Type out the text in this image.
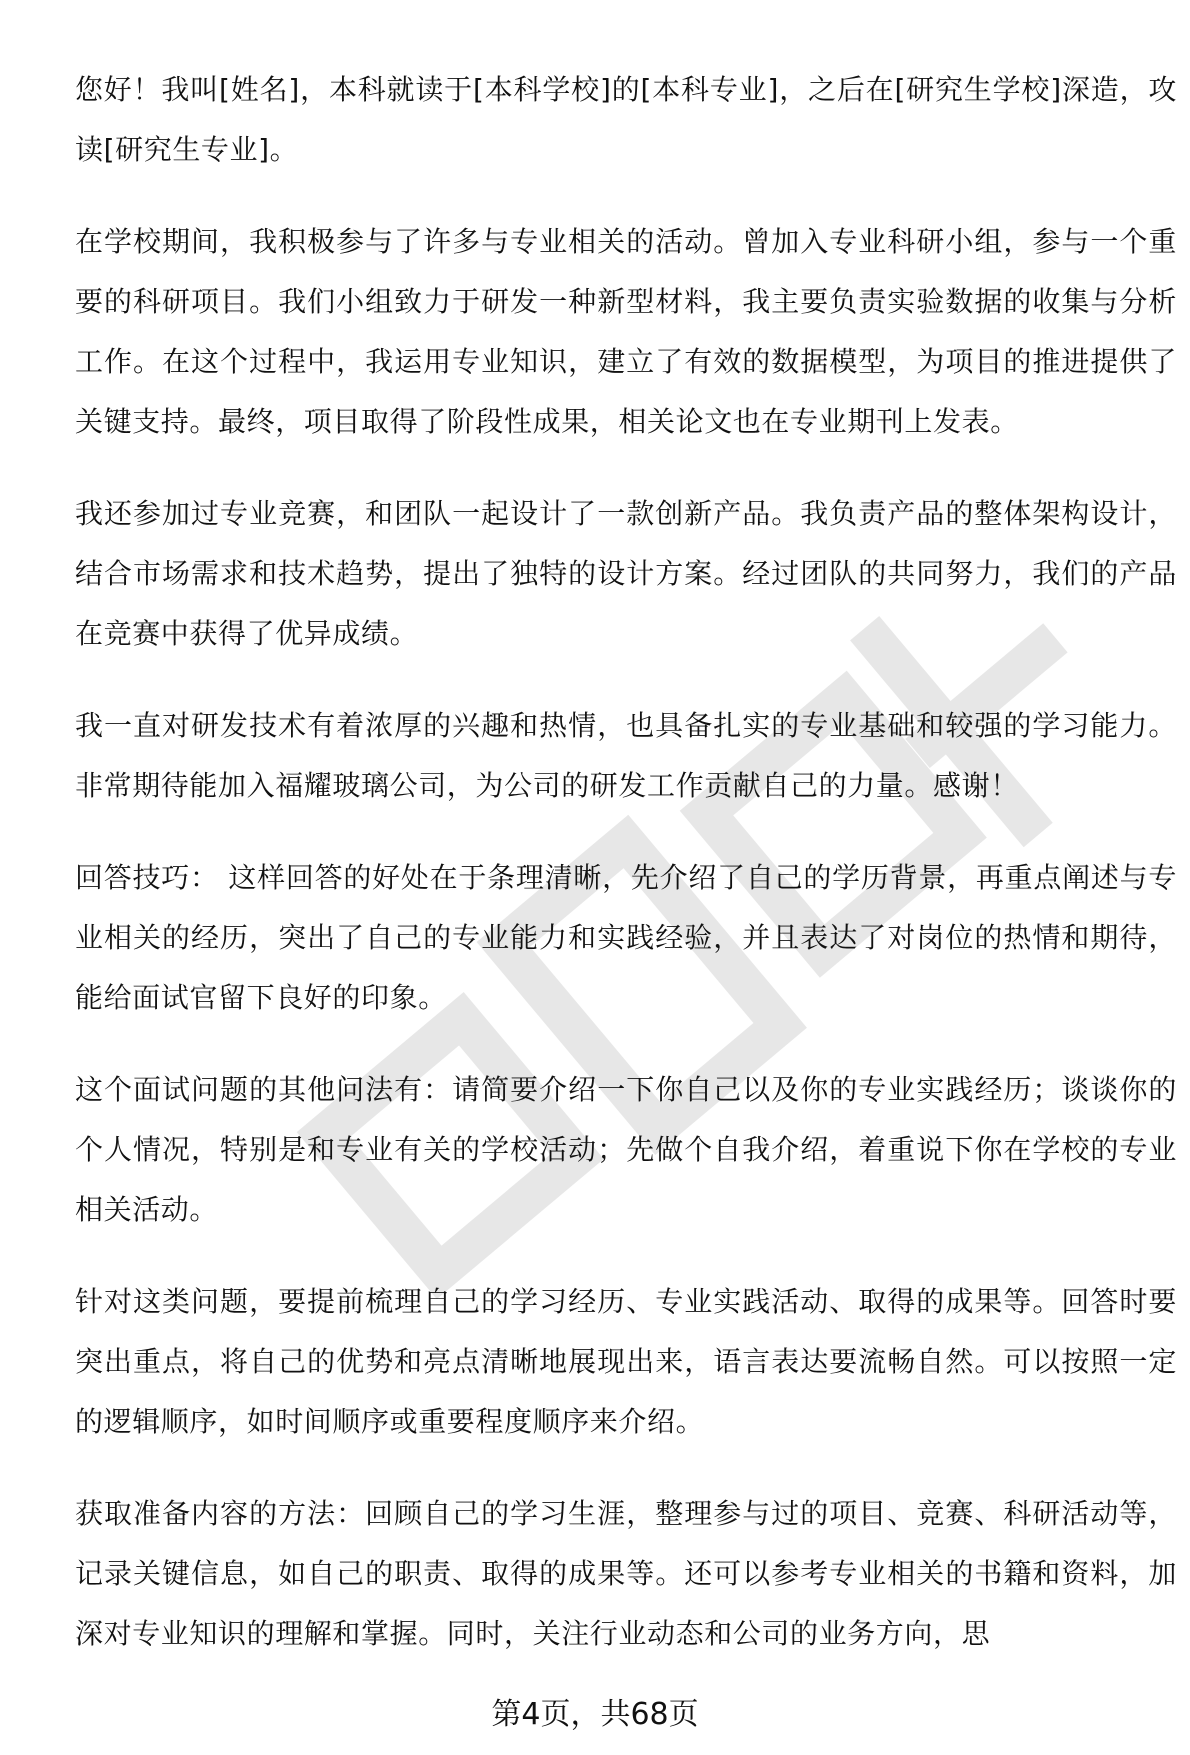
您好！我叫[姓名]，本科就读于[本科学校]的[本科专业]，之后在[研究生学校]深造，攻读[研究生专业]。

在学校期间，我积极参与了许多与专业相关的活动。曾加入专业科研小组，参与一个重要的科研项目。我们小组致力于研发一种新型材料，我主要负责实验数据的收集与分析工作。在这个过程中，我运用专业知识，建立了有效的数据模型，为项目的推进提供了关键支持。最终，项目取得了阶段性成果，相关论文也在专业期刊上发表。

我还参加过专业竞赛，和团队一起设计了一款创新产品。我负责产品的整体架构设计，结合市场需求和技术趋势，提出了独特的设计方案。经过团队的共同努力，我们的产品在竞赛中获得了优异成绩。

我一直对研发技术有着浓厚的兴趣和热情，也具备扎实的专业基础和较强的学习能力。非常期待能加入福耀玻璃公司，为公司的研发工作贡献自己的力量。感谢！

回答技巧： 这样回答的好处在于条理清晰，先介绍了自己的学历背景，再重点阐述与专业相关的经历，突出了自己的专业能力和实践经验，并且表达了对岗位的热情和期待，能给面试官留下良好的印象。

这个面试问题的其他问法有：请简要介绍一下你自己以及你的专业实践经历；谈谈你的个人情况，特别是和专业有关的学校活动；先做个自我介绍，着重说下你在学校的专业相关活动。

针对这类问题，要提前梳理自己的学习经历、专业实践活动、取得的成果等。回答时要突出重点，将自己的优势和亮点清晰地展现出来，语言表达要流畅自然。可以按照一定的逻辑顺序，如时间顺序或重要程度顺序来介绍。

获取准备内容的方法：回顾自己的学习生涯，整理参与过的项目、竞赛、科研活动等，记录关键信息，如自己的职责、取得的成果等。还可以参考专业相关的书籍和资料，加深对专业知识的理解和掌握。同时，关注行业动态和公司的业务方向，思

第4页，共68页
